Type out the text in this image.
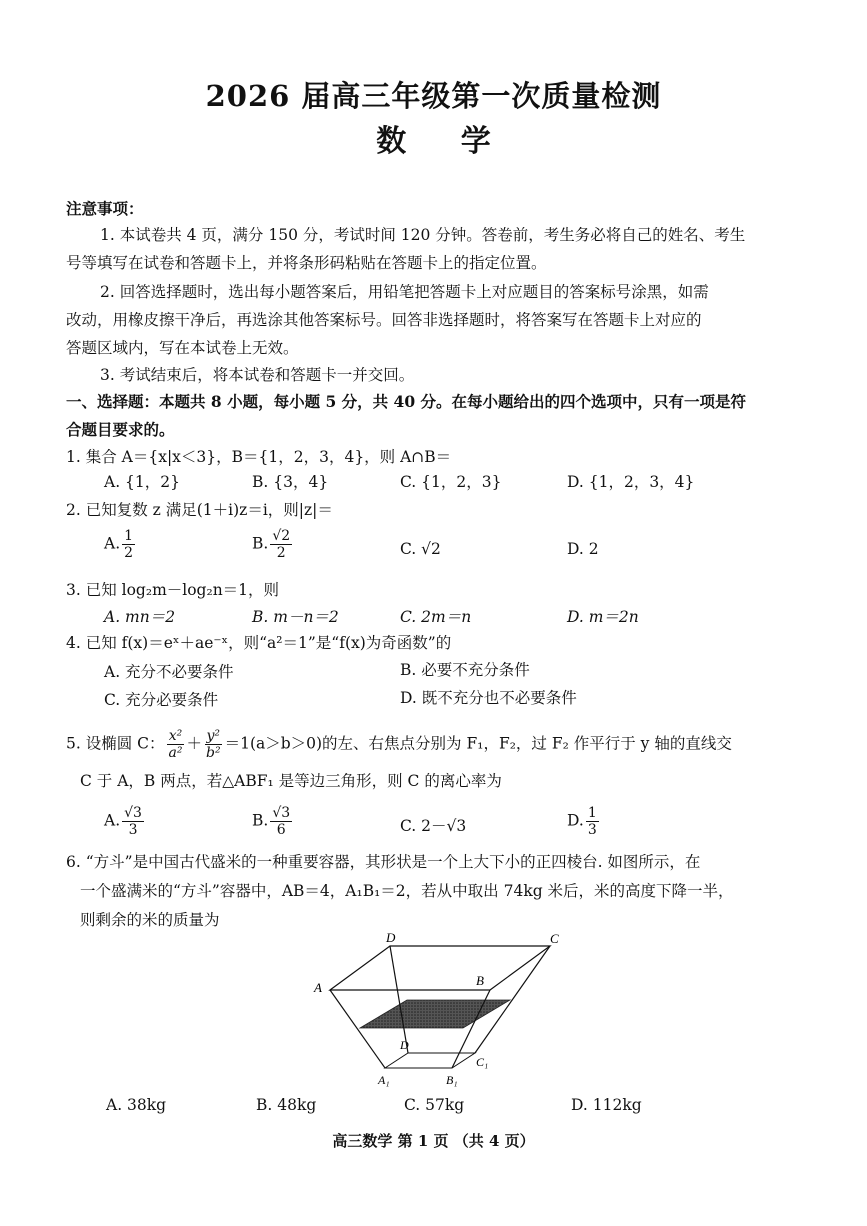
2026 届高三年级第一次质量检测
数 学
注意事项：
1. 本试卷共 4 页，满分 150 分，考试时间 120 分钟。答卷前，考生务必将自己的姓名、考生
号等填写在试卷和答题卡上，并将条形码粘贴在答题卡上的指定位置。
2. 回答选择题时，选出每小题答案后，用铅笔把答题卡上对应题目的答案标号涂黑，如需
改动，用橡皮擦干净后，再选涂其他答案标号。回答非选择题时，将答案写在答题卡上对应的
答题区域内，写在本试卷上无效。
3. 考试结束后，将本试卷和答题卡一并交回。
一、选择题：本题共 8 小题，每小题 5 分，共 40 分。在每小题给出的四个选项中，只有一项是符
合题目要求的。
1. 集合 A＝{x|x＜3}，B＝{1，2，3，4}，则 A∩B＝
A. {1，2}	B. {3，4}	C. {1，2，3}	D. {1，2，3，4}
2. 已知复数 z 满足(1＋i)z＝i，则|z|＝
A. $\frac{1}{2}$	B. $\frac{√2}{2}$	C. √2	D. 2
3. 已知 log₂m－log₂n＝1，则
A. mn＝2	B. m－n＝2	C. 2m＝n	D. m＝2n
4. 已知 f(x)＝eˣ＋ae⁻ˣ，则“a²＝1”是“f(x)为奇函数”的
A. 充分不必要条件	B. 必要不充分条件
C. 充分必要条件	D. 既不充分也不必要条件
5. 设椭圆 C： $\frac{\text{x²}}{\text{a²}} + \frac{\text{y²}}{\text{b²}} =1(a>b>0)$的左、右焦点分别为 F₁，F₂，过 F₂ 作平行于 y 轴的直线交
C 于 A，B 两点，若△ABF₁ 是等边三角形，则 C 的离心率为
A. $\frac{√3}{3}$	B. $\frac{√3}{6}$	C. 2－√3	D. $\frac{1}{3}$
6. “方斗”是中国古代盛米的一种重要容器，其形状是一个上大下小的正四棱台. 如图所示，在
一个盛满米的“方斗”容器中，AB＝4，A₁B₁＝2，若从中取出 74kg 米后，米的高度下降一半，
则剩余的米的质量为
D	C
A	B
D
C₁
A₁	B₁
A. 38kg	B. 48kg	C. 57kg	D. 112kg
高三数学 第 1 页 （共 4 页）
